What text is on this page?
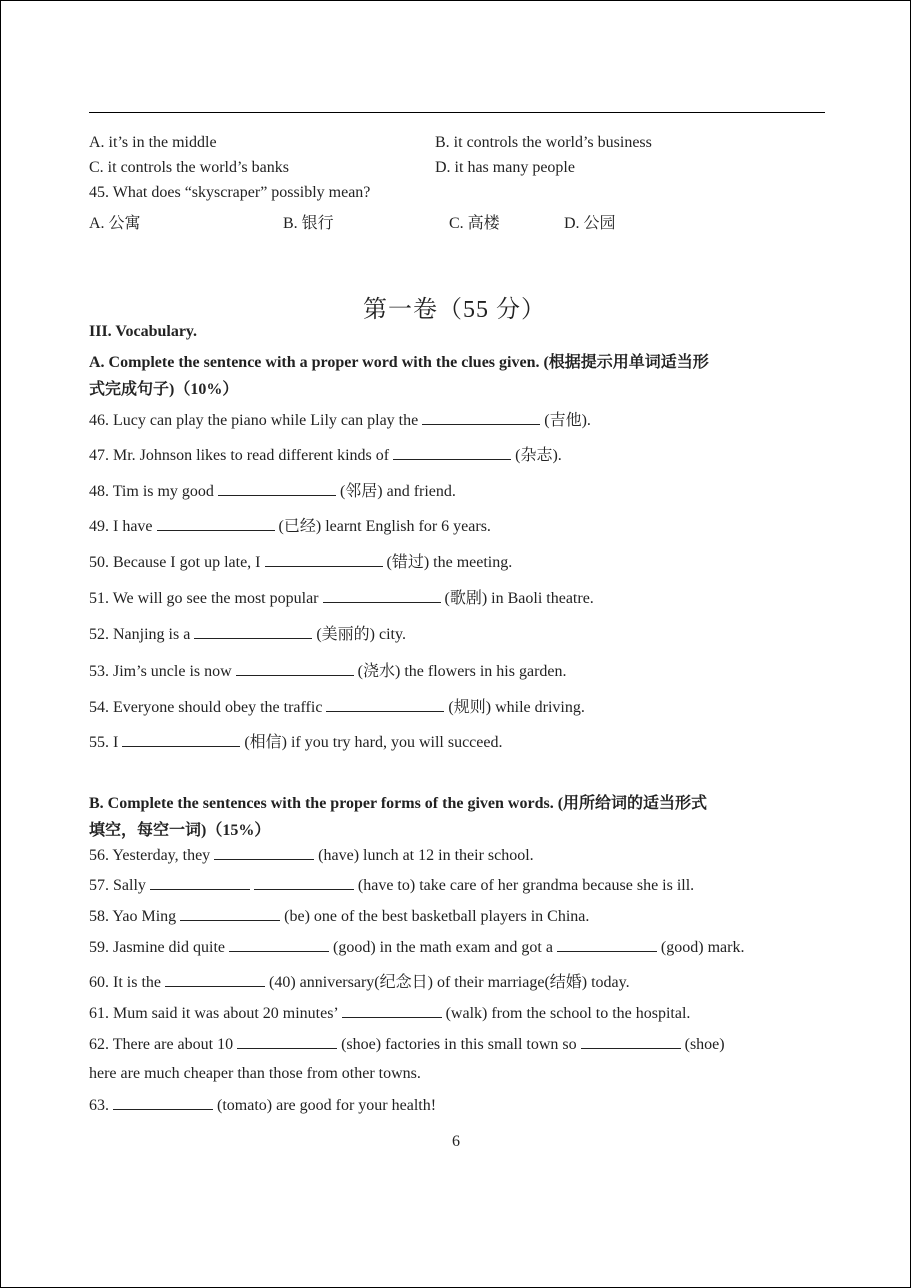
A. it’s in the middle	B. it controls the world’s business
C. it controls the world’s banks	D. it has many people
45. What does “skyscraper” possibly mean?
A. 公寓	B. 银行	C. 高楼	D. 公园
第一卷（55 分）
III. Vocabulary.
A. Complete the sentence with a proper word with the clues given. (根据提示用单词适当形
式完成句子)（10%）
46. Lucy can play the piano while Lily can play the	(吉他).
47. Mr. Johnson likes to read different kinds of	(杂志).
48. Tim is my good	(邻居) and friend.
49. I have	(已经) learnt English for 6 years.
50. Because I got up late, I	(错过) the meeting.
51. We will go see the most popular	(歌剧) in Baoli theatre.
52. Nanjing is a	(美丽的) city.
53. Jim’s uncle is now	(浇水) the flowers in his garden.
54. Everyone should obey the traffic	(规则) while driving.
55. I	(相信) if you try hard, you will succeed.
B. Complete the sentences with the proper forms of the given words. (用所给词的适当形式
填空，每空一词)（15%）
56. Yesterday, they	(have) lunch at 12 in their school.
57. Sally	(have to) take care of her grandma because she is ill.
58. Yao Ming	(be) one of the best basketball players in China.
59. Jasmine did quite	(good) in the math exam and got a	(good) mark.
60. It is the	(40) anniversary(纪念日) of their marriage(结婚) today.
61. Mum said it was about 20 minutes’	(walk) from the school to the hospital.
62. There are about 10	(shoe) factories in this small town so	(shoe)
here are much cheaper than those from other towns.
63.	(tomato) are good for your health!
6
